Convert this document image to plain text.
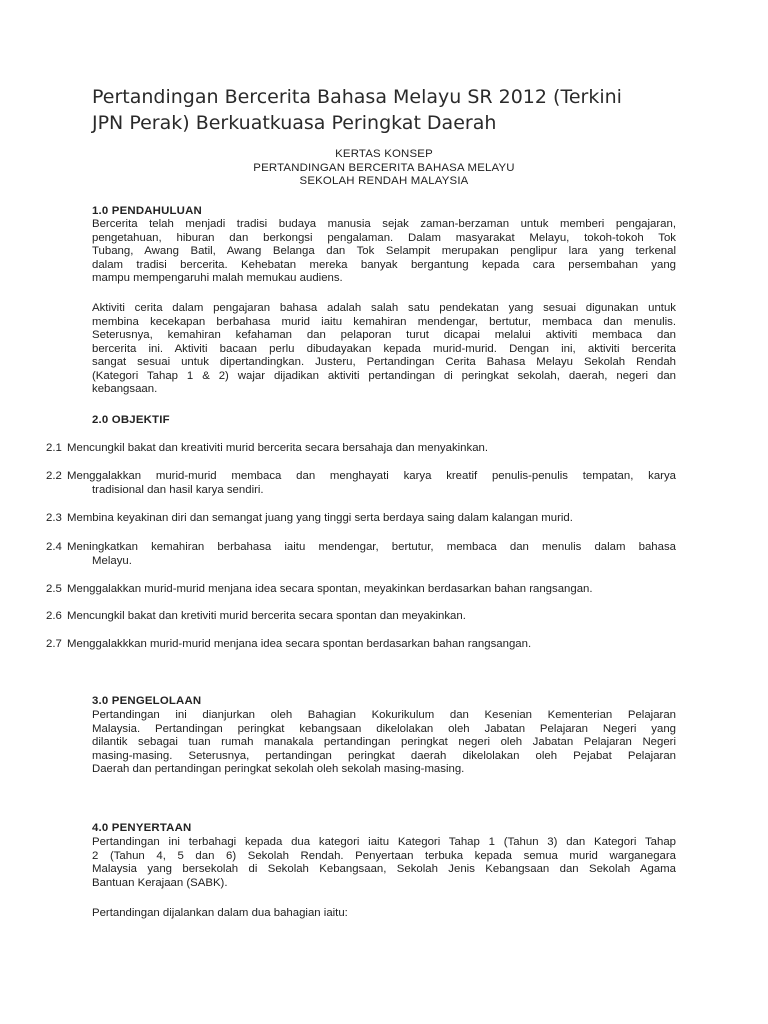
Pertandingan Bercerita Bahasa Melayu SR 2012 (Terkini
JPN Perak) Berkuatkuasa Peringkat Daerah
KERTAS KONSEP
PERTANDINGAN BERCERITA BAHASA MELAYU
SEKOLAH RENDAH MALAYSIA
1.0 PENDAHULUAN
Bercerita telah menjadi tradisi budaya manusia sejak zaman-berzaman untuk memberi pengajaran,
pengetahuan, hiburan dan berkongsi pengalaman. Dalam masyarakat Melayu, tokoh-tokoh Tok
Tubang, Awang Batil, Awang Belanga dan Tok Selampit merupakan penglipur lara yang terkenal
dalam tradisi bercerita. Kehebatan mereka banyak bergantung kepada cara persembahan yang
mampu mempengaruhi malah memukau audiens.
Aktiviti cerita dalam pengajaran bahasa adalah salah satu pendekatan yang sesuai digunakan untuk
membina kecekapan berbahasa murid iaitu kemahiran mendengar, bertutur, membaca dan menulis.
Seterusnya, kemahiran kefahaman dan pelaporan turut dicapai melalui aktiviti membaca dan
bercerita ini. Aktiviti bacaan perlu dibudayakan kepada murid-murid. Dengan ini, aktiviti bercerita
sangat sesuai untuk dipertandingkan. Justeru, Pertandingan Cerita Bahasa Melayu Sekolah Rendah
(Kategori Tahap 1 & 2) wajar dijadikan aktiviti pertandingan di peringkat sekolah, daerah, negeri dan
kebangsaan.
2.0 OBJEKTIF
2.1 Mencungkil bakat dan kreativiti murid bercerita secara bersahaja dan menyakinkan.
2.2 Menggalakkan murid-murid membaca dan menghayati karya kreatif penulis-penulis tempatan, karya
tradisional dan hasil karya sendiri.
2.3 Membina keyakinan diri dan semangat juang yang tinggi serta berdaya saing dalam kalangan murid.
2.4 Meningkatkan kemahiran berbahasa iaitu mendengar, bertutur, membaca dan menulis dalam bahasa
Melayu.
2.5 Menggalakkan murid-murid menjana idea secara spontan, meyakinkan berdasarkan bahan rangsangan.
2.6 Mencungkil bakat dan kretiviti murid bercerita secara spontan dan meyakinkan.
2.7 Menggalakkkan murid-murid menjana idea secara spontan berdasarkan bahan rangsangan.
3.0 PENGELOLAAN
Pertandingan ini dianjurkan oleh Bahagian Kokurikulum dan Kesenian Kementerian Pelajaran
Malaysia. Pertandingan peringkat kebangsaan dikelolakan oleh Jabatan Pelajaran Negeri yang
dilantik sebagai tuan rumah manakala pertandingan peringkat negeri oleh Jabatan Pelajaran Negeri
masing-masing. Seterusnya, pertandingan peringkat daerah dikelolakan oleh Pejabat Pelajaran
Daerah dan pertandingan peringkat sekolah oleh sekolah masing-masing.
4.0 PENYERTAAN
Pertandingan ini terbahagi kepada dua kategori iaitu Kategori Tahap 1 (Tahun 3) dan Kategori Tahap
2 (Tahun 4, 5 dan 6) Sekolah Rendah. Penyertaan terbuka kepada semua murid warganegara
Malaysia yang bersekolah di Sekolah Kebangsaan, Sekolah Jenis Kebangsaan dan Sekolah Agama
Bantuan Kerajaan (SABK).
Pertandingan dijalankan dalam dua bahagian iaitu:
